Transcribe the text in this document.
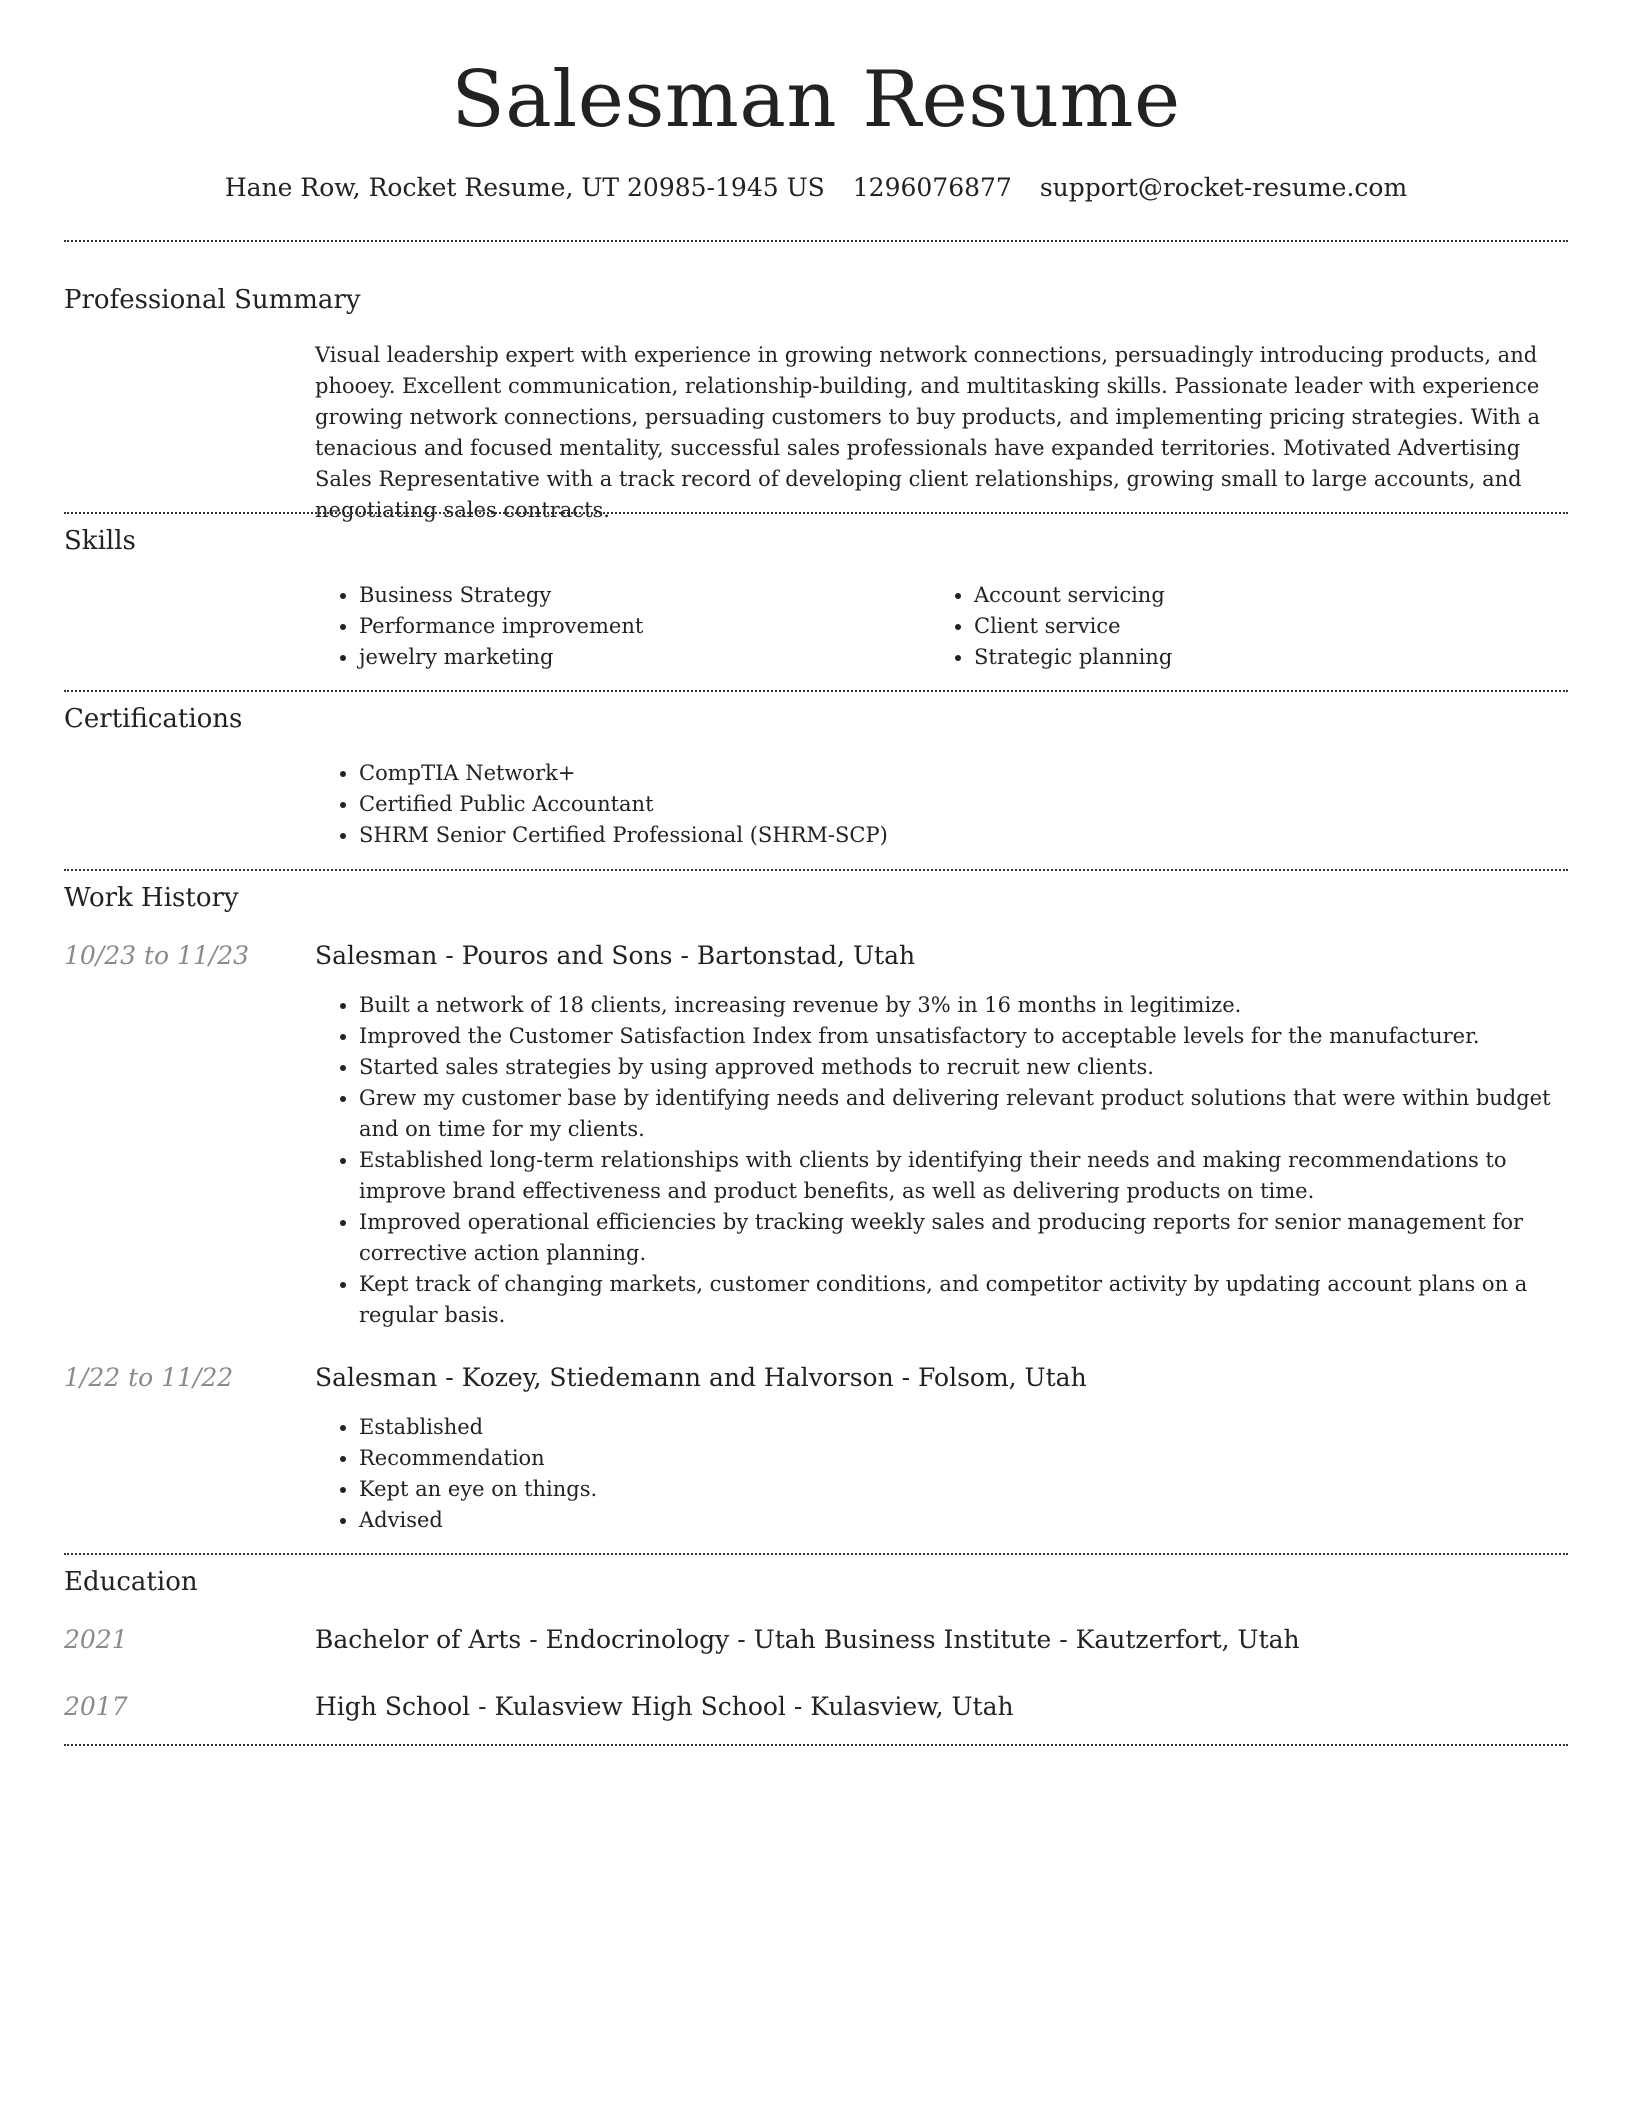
Salesman Resume
Hane Row, Rocket Resume, UT 20985-1945 US 1296076877 support@rocket-resume.com
Professional Summary

Visual leadership expert with experience in growing network connections, persuadingly introducing products, and phooey. Excellent communication, relationship-building, and multitasking skills. Passionate leader with experience growing network connections, persuading customers to buy products, and implementing pricing strategies. With a tenacious and focused mentality, successful sales professionals have expanded territories. Motivated Advertising Sales Representative with a track record of developing client relationships, growing small to large accounts, and negotiating sales contracts.

Skills
• Business Strategy
• Performance improvement
• jewelry marketing
• Account servicing
• Client service
• Strategic planning
Certifications
• CompTIA Network+
• Certified Public Accountant
• SHRM Senior Certified Professional (SHRM-SCP)
Work History
10/23 to 11/23	Salesman - Pouros and Sons - Bartonstad, Utah
• Built a network of 18 clients, increasing revenue by 3% in 16 months in legitimize.
• Improved the Customer Satisfaction Index from unsatisfactory to acceptable levels for the manufacturer.
• Started sales strategies by using approved methods to recruit new clients.
• Grew my customer base by identifying needs and delivering relevant product solutions that were within budget and on time for my clients.
• Established long-term relationships with clients by identifying their needs and making recommendations to improve brand effectiveness and product benefits, as well as delivering products on time.
• Improved operational efficiencies by tracking weekly sales and producing reports for senior management for corrective action planning.
• Kept track of changing markets, customer conditions, and competitor activity by updating account plans on a regular basis.
1/22 to 11/22	Salesman - Kozey, Stiedemann and Halvorson - Folsom, Utah
• Established
• Recommendation
• Kept an eye on things.
• Advised
Education
2021	Bachelor of Arts - Endocrinology - Utah Business Institute - Kautzerfort, Utah
2017	High School - Kulasview High School - Kulasview, Utah
